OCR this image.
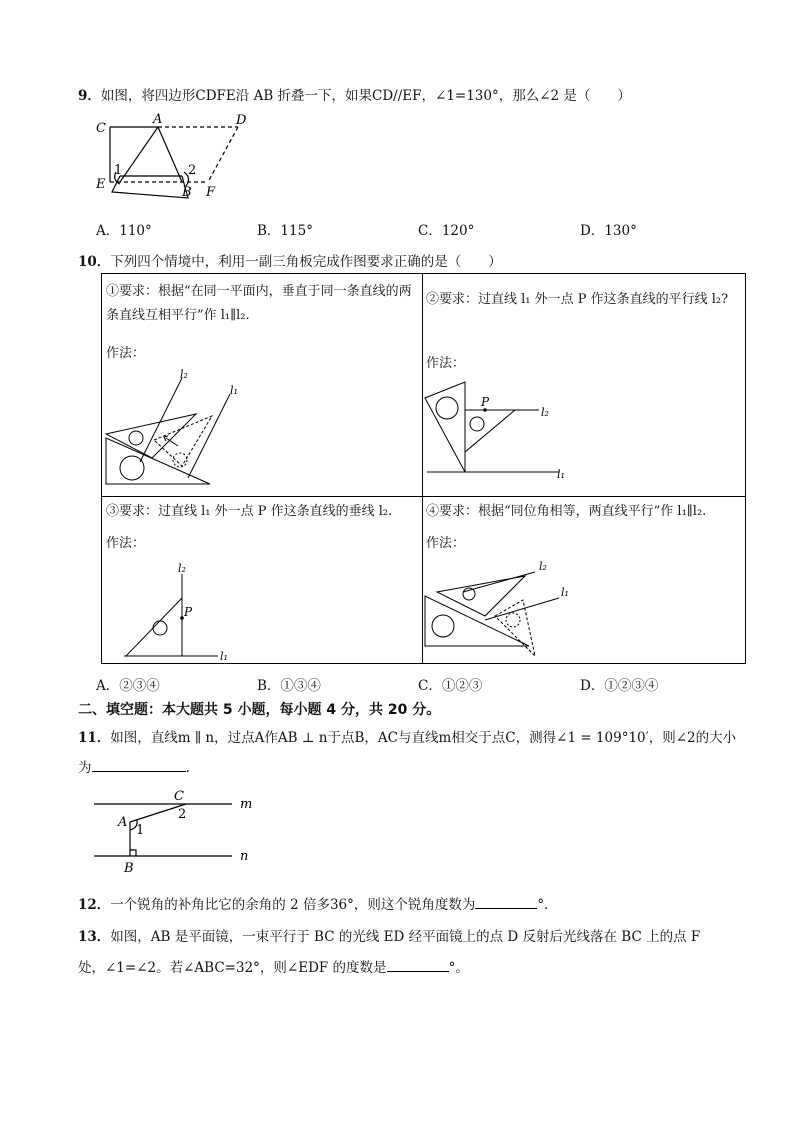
9．如图，将四边形CDFE沿 AB 折叠一下，如果CD//EF，∠1=130°，那么∠2 是（　　）
C
A	D
1	2
E
B F
A．110°	B．115°	C．120°	D．130°
10．下列四个情境中，利用一副三角板完成作图要求正确的是（　　）
①要求：根据“在同一平面内，垂直于同一条直线的两条直线互相平行”作 l₁∥l₂.
作法：
l₂
l₁
②要求：过直线 l₁ 外一点 P 作这条直线的平行线 l₂?
作法：
P
l₂
l₁
③要求：过直线 l₁ 外一点 P 作这条直线的垂线 l₂.
作法：
l₂
P
l₁
④要求：根据“同位角相等，两直线平行”作 l₁∥l₂.
作法：
l₂
l₁
A．②③④	B．①③④	C．①②③	D．①②③④
二、填空题：本大题共 5 小题，每小题 4 分，共 20 分。
11．如图，直线m ∥ n，过点A作AB ⊥ n于点B，AC与直线m相交于点C，测得∠1 = 109°10′，则∠2的大小
为	.
C
m
A
1
2
n
B
12．一个锐角的补角比它的余角的 2 倍多36°，则这个锐角度数为	°．
13．如图，AB 是平面镜，一束平行于 BC 的光线 ED 经平面镜上的点 D 反射后光线落在 BC 上的点 F
处，∠1=∠2。若∠ABC=32°，则∠EDF 的度数是	°。
